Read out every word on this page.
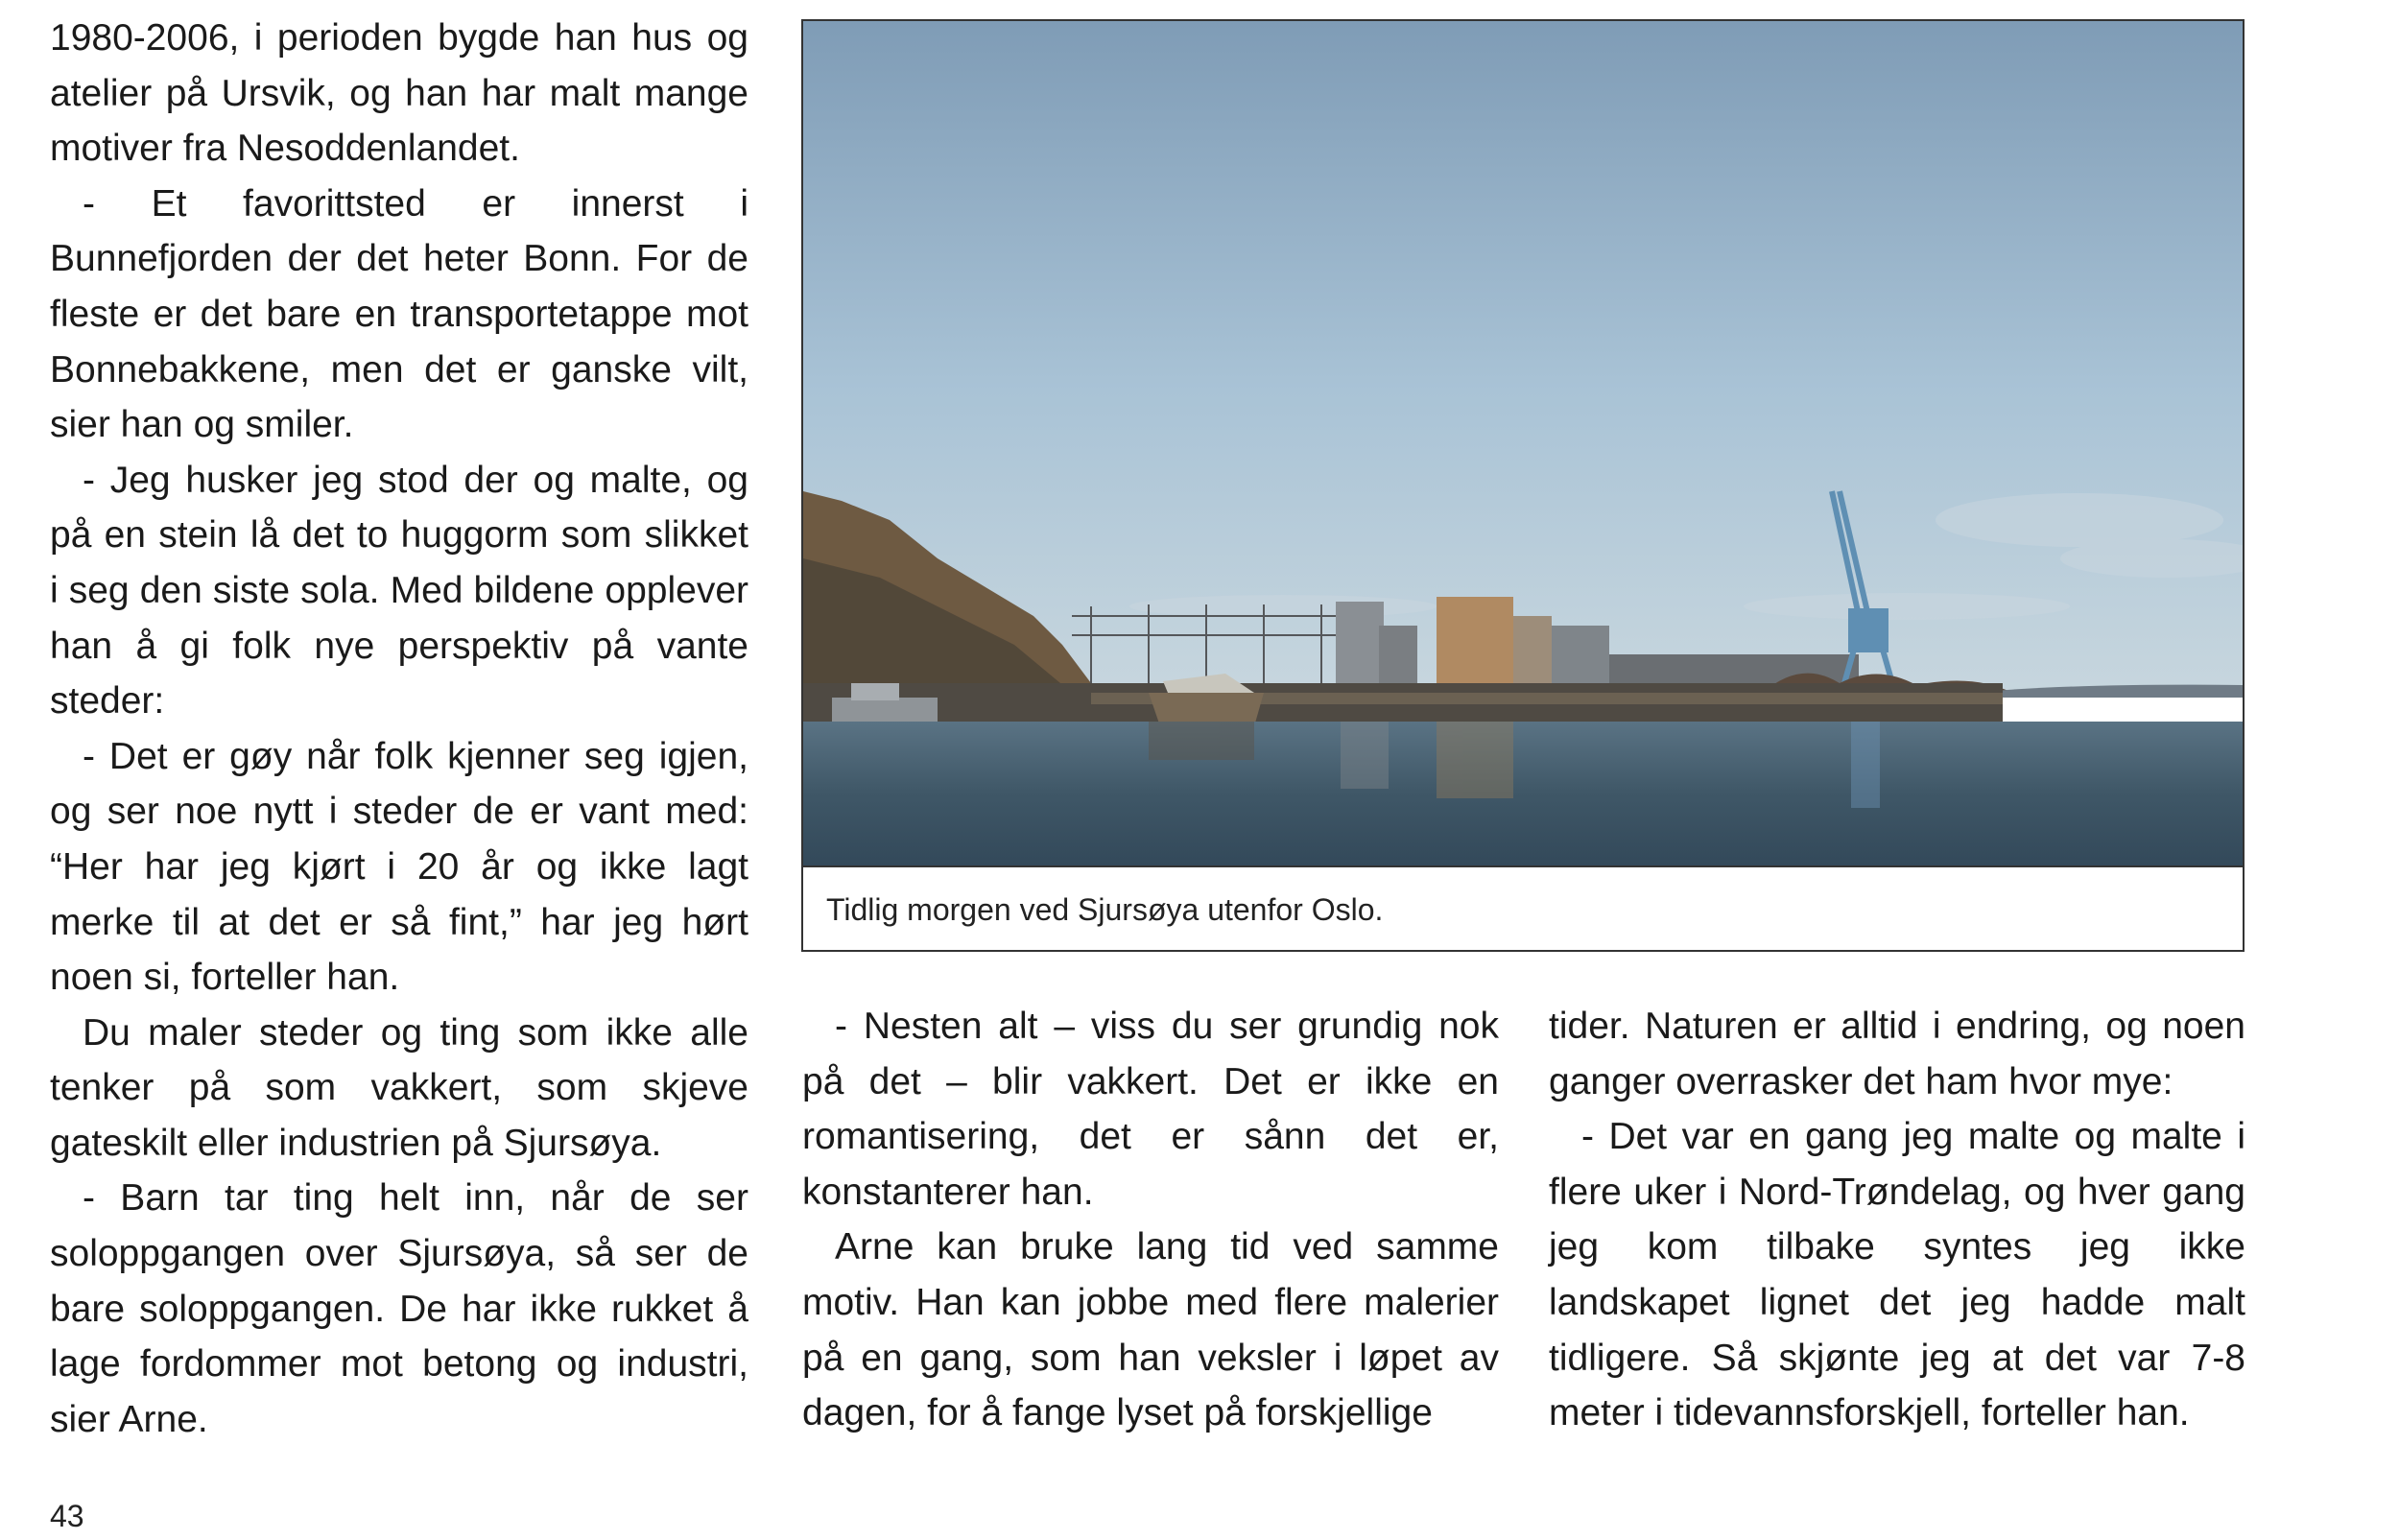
1980-2006, i perioden bygde han hus og atelier på Ursvik, og han har malt mange motiver fra Nesoddenlandet.

- Et favorittsted er innerst i Bunnefjorden der det heter Bonn. For de fleste er det bare en transportetappe mot Bonnebakkene, men det er ganske vilt, sier han og smiler.

- Jeg husker jeg stod der og malte, og på en stein lå det to huggorm som slikket i seg den siste sola. Med bildene opplever han å gi folk nye perspektiv på vante steder:

- Det er gøy når folk kjenner seg igjen, og ser noe nytt i steder de er vant med: “Her har jeg kjørt i 20 år og ikke lagt merke til at det er så fint,” har jeg hørt noen si, forteller han.

Du maler steder og ting som ikke alle tenker på som vakkert, som skjeve gateskilt eller industrien på Sjursøya.

- Barn tar ting helt inn, når de ser soloppgangen over Sjursøya, så ser de bare soloppgangen. De har ikke rukket å lage fordommer mot betong og industri, sier Arne.

Tidlig morgen ved Sjursøya utenfor Oslo.

- Nesten alt – viss du ser grundig nok på det – blir vakkert. Det er ikke en romantisering, det er sånn det er, konstanterer han.

Arne kan bruke lang tid ved samme motiv. Han kan jobbe med flere malerier på en gang, som han veksler i løpet av dagen, for å fange lyset på forskjellige

tider. Naturen er alltid i endring, og noen ganger overrasker det ham hvor mye:

- Det var en gang jeg malte og malte i flere uker i Nord-Trøndelag, og hver gang jeg kom tilbake syntes jeg ikke landskapet lignet det jeg hadde malt tidligere. Så skjønte jeg at det var 7-8 meter i tidevannsforskjell, forteller han.

43
